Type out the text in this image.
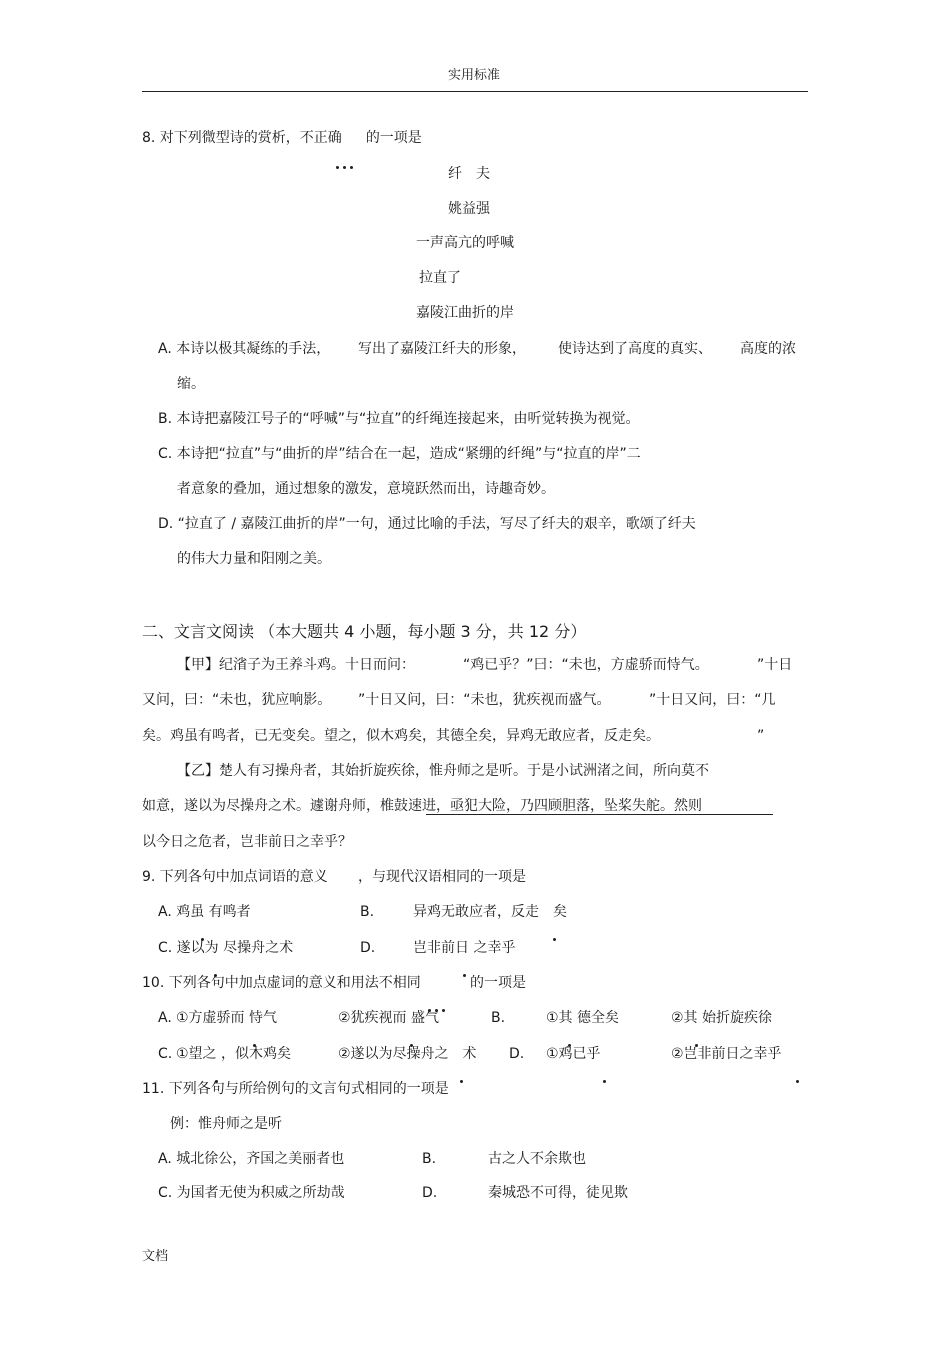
实用标准
8. 对下列微型诗的赏析，不正确 的一项是
纤　夫
姚益强
一声高亢的呼喊
拉直了
嘉陵江曲折的岸
A. 本诗以极其凝练的手法， 写出了嘉陵江纤夫的形象， 使诗达到了高度的真实、 高度的浓
缩。
B. 本诗把嘉陵江号子的“呼喊”与“拉直”的纤绳连接起来，由听觉转换为视觉。
C. 本诗把“拉直”与“曲折的岸”结合在一起，造成“紧绷的纤绳”与“拉直的岸”二
者意象的叠加，通过想象的激发，意境跃然而出，诗趣奇妙。
D. “拉直了 / 嘉陵江曲折的岸”一句，通过比喻的手法，写尽了纤夫的艰辛，歌颂了纤夫
的伟大力量和阳刚之美。
二、文言文阅读 （本大题共 4 小题，每小题 3 分，共 12 分）
【甲】纪渻子为王养斗鸡。十日而问：	“鸡已乎？”曰：“未也，方虚骄而恃气。	”十日
又问，曰：“未也，犹应响影。 ”十日又问，曰：“未也，犹疾视而盛气。	”十日又问，曰：“几
矣。鸡虽有鸣者，已无变矣。望之，似木鸡矣，其德全矣，异鸡无敢应者，反走矣。	”
【乙】楚人有习操舟者，其始折旋疾徐，惟舟师之是听。于是小试洲渚之间，所向莫不
如意，遂以为尽操舟之术。遽谢舟师，椎鼓速进，亟犯大险，乃四顾胆落，坠桨失舵。然则
以今日之危者，岂非前日之幸乎？
9. 下列各句中加点词语的意义 ，与现代汉语相同的一项是
A. 鸡虽 有鸣者	B.	异鸡无敢应者，反走　矣
C. 遂以为 尽操舟之术	D.	岂非前日 之幸乎
10. 下列各句中加点虚词的意义和用法不相同	的一项是
A. ①方虚骄而 恃气	②犹疾视而 盛气	B.	①其 德全矣	②其 始折旋疾徐
C. ①望之 ，似木鸡矣	②遂以为尽操舟之　术 D. ①鸡已乎	②岂非前日之幸乎
11. 下列各句与所给例句的文言句式相同的一项是
例：惟舟师之是听
A. 城北徐公，齐国之美丽者也	B.	古之人不余欺也
C. 为国者无使为积威之所劫哉	D.	秦城恐不可得，徒见欺
文档
